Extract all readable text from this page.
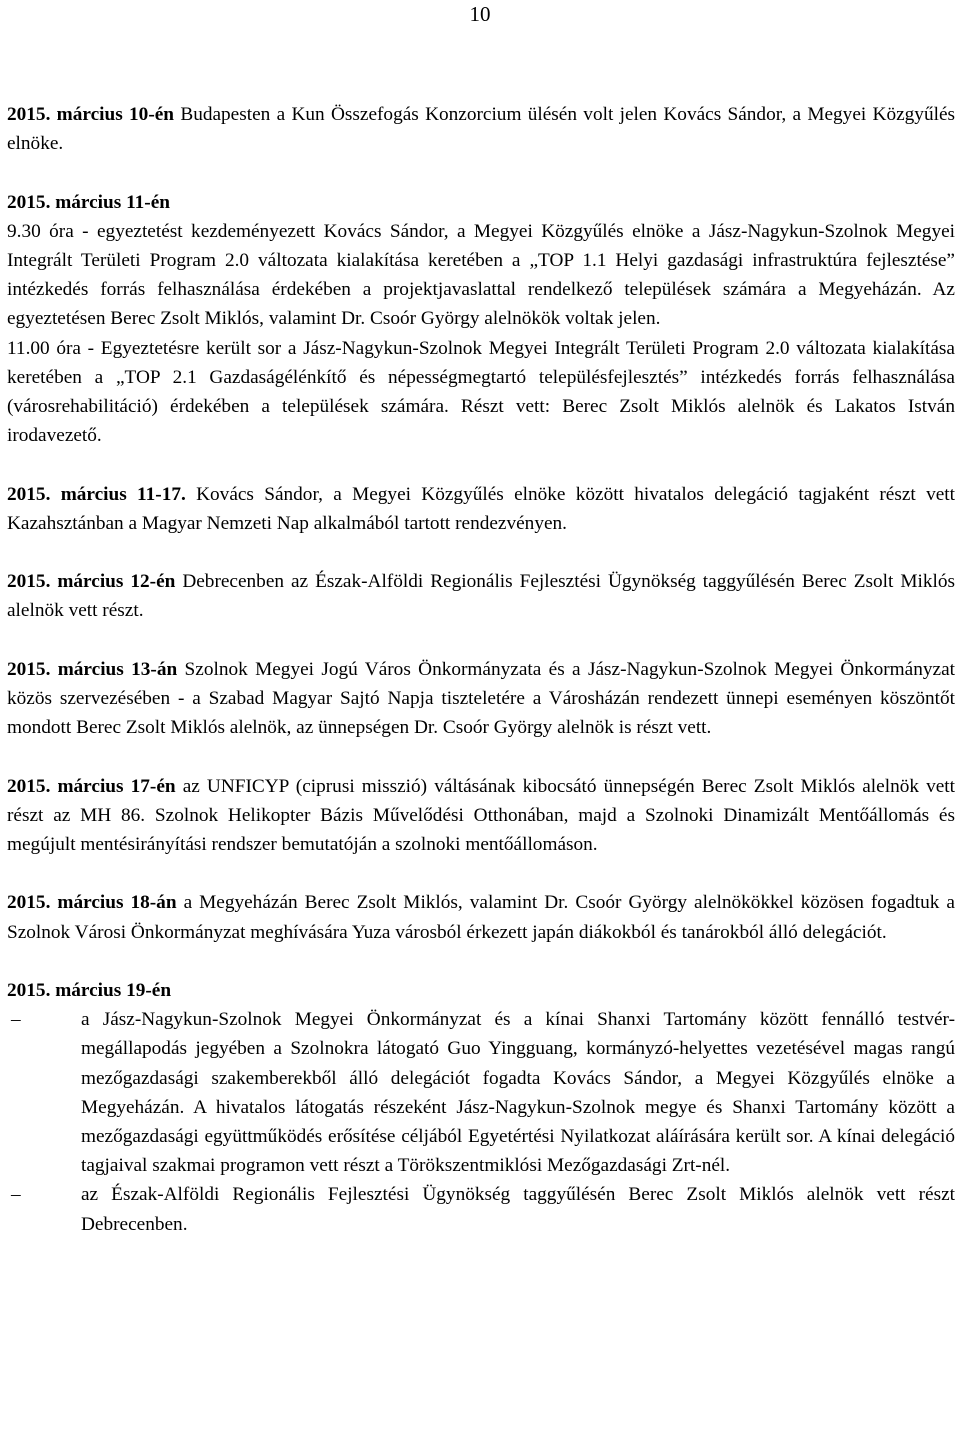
10

2015. március 10-én Budapesten a Kun Összefogás Konzorcium ülésén volt jelen Kovács Sándor, a Megyei Közgyűlés elnöke.

2015. március 11-én

9.30 óra - egyeztetést kezdeményezett Kovács Sándor, a Megyei Közgyűlés elnöke a Jász-Nagykun-Szolnok Megyei Integrált Területi Program 2.0 változata kialakítása keretében a „TOP 1.1 Helyi gazdasági infrastruktúra fejlesztése” intézkedés forrás felhasználása érdekében a projektjavaslattal rendelkező települések számára a Megyeházán. Az egyeztetésen Berec Zsolt Miklós, valamint Dr. Csoór György alelnökök voltak jelen.

11.00 óra - Egyeztetésre került sor a Jász-Nagykun-Szolnok Megyei Integrált Területi Program 2.0 változata kialakítása keretében a „TOP 2.1 Gazdaságélénkítő és népességmegtartó településfejlesztés” intézkedés forrás felhasználása (városrehabilitáció) érdekében a települések számára. Részt vett: Berec Zsolt Miklós alelnök és Lakatos István irodavezető.

2015. március 11-17. Kovács Sándor, a Megyei Közgyűlés elnöke között hivatalos delegáció tagjaként részt vett Kazahsztánban a Magyar Nemzeti Nap alkalmából tartott rendezvényen.

2015. március 12-én Debrecenben az Észak-Alföldi Regionális Fejlesztési Ügynökség taggyűlésén Berec Zsolt Miklós alelnök vett részt.

2015. március 13-án Szolnok Megyei Jogú Város Önkormányzata és a Jász-Nagykun-Szolnok Megyei Önkormányzat közös szervezésében - a Szabad Magyar Sajtó Napja tiszteletére a Városházán rendezett ünnepi eseményen köszöntőt mondott Berec Zsolt Miklós alelnök, az ünnepségen Dr. Csoór György alelnök is részt vett.

2015. március 17-én az UNFICYP (ciprusi misszió) váltásának kibocsátó ünnepségén Berec Zsolt Miklós alelnök vett részt az MH 86. Szolnok Helikopter Bázis Művelődési Otthonában, majd a Szolnoki Dinamizált Mentőállomás és megújult mentésirányítási rendszer bemutatóján a szolnoki mentőállomáson.

2015. március 18-án a Megyeházán Berec Zsolt Miklós, valamint Dr. Csoór György alelnökökkel közösen fogadtuk a Szolnok Városi Önkormányzat meghívására Yuza városból érkezett japán diákokból és tanárokból álló delegációt.

2015. március 19-én

–	a Jász-Nagykun-Szolnok Megyei Önkormányzat és a kínai Shanxi Tartomány között fennálló testvér-megállapodás jegyében a Szolnokra látogató Guo Yingguang, kormányzó-helyettes vezetésével magas rangú mezőgazdasági szakemberekből álló delegációt fogadta Kovács Sándor, a Megyei Közgyűlés elnöke a Megyeházán. A hivatalos látogatás részeként Jász-Nagykun-Szolnok megye és Shanxi Tartomány között a mezőgazdasági együttműködés erősítése céljából Egyetértési Nyilatkozat aláírására került sor. A kínai delegáció tagjaival szakmai programon vett részt a Törökszentmiklósi Mezőgazdasági Zrt-nél.
–	az Észak-Alföldi Regionális Fejlesztési Ügynökség taggyűlésén Berec Zsolt Miklós alelnök vett részt Debrecenben.
